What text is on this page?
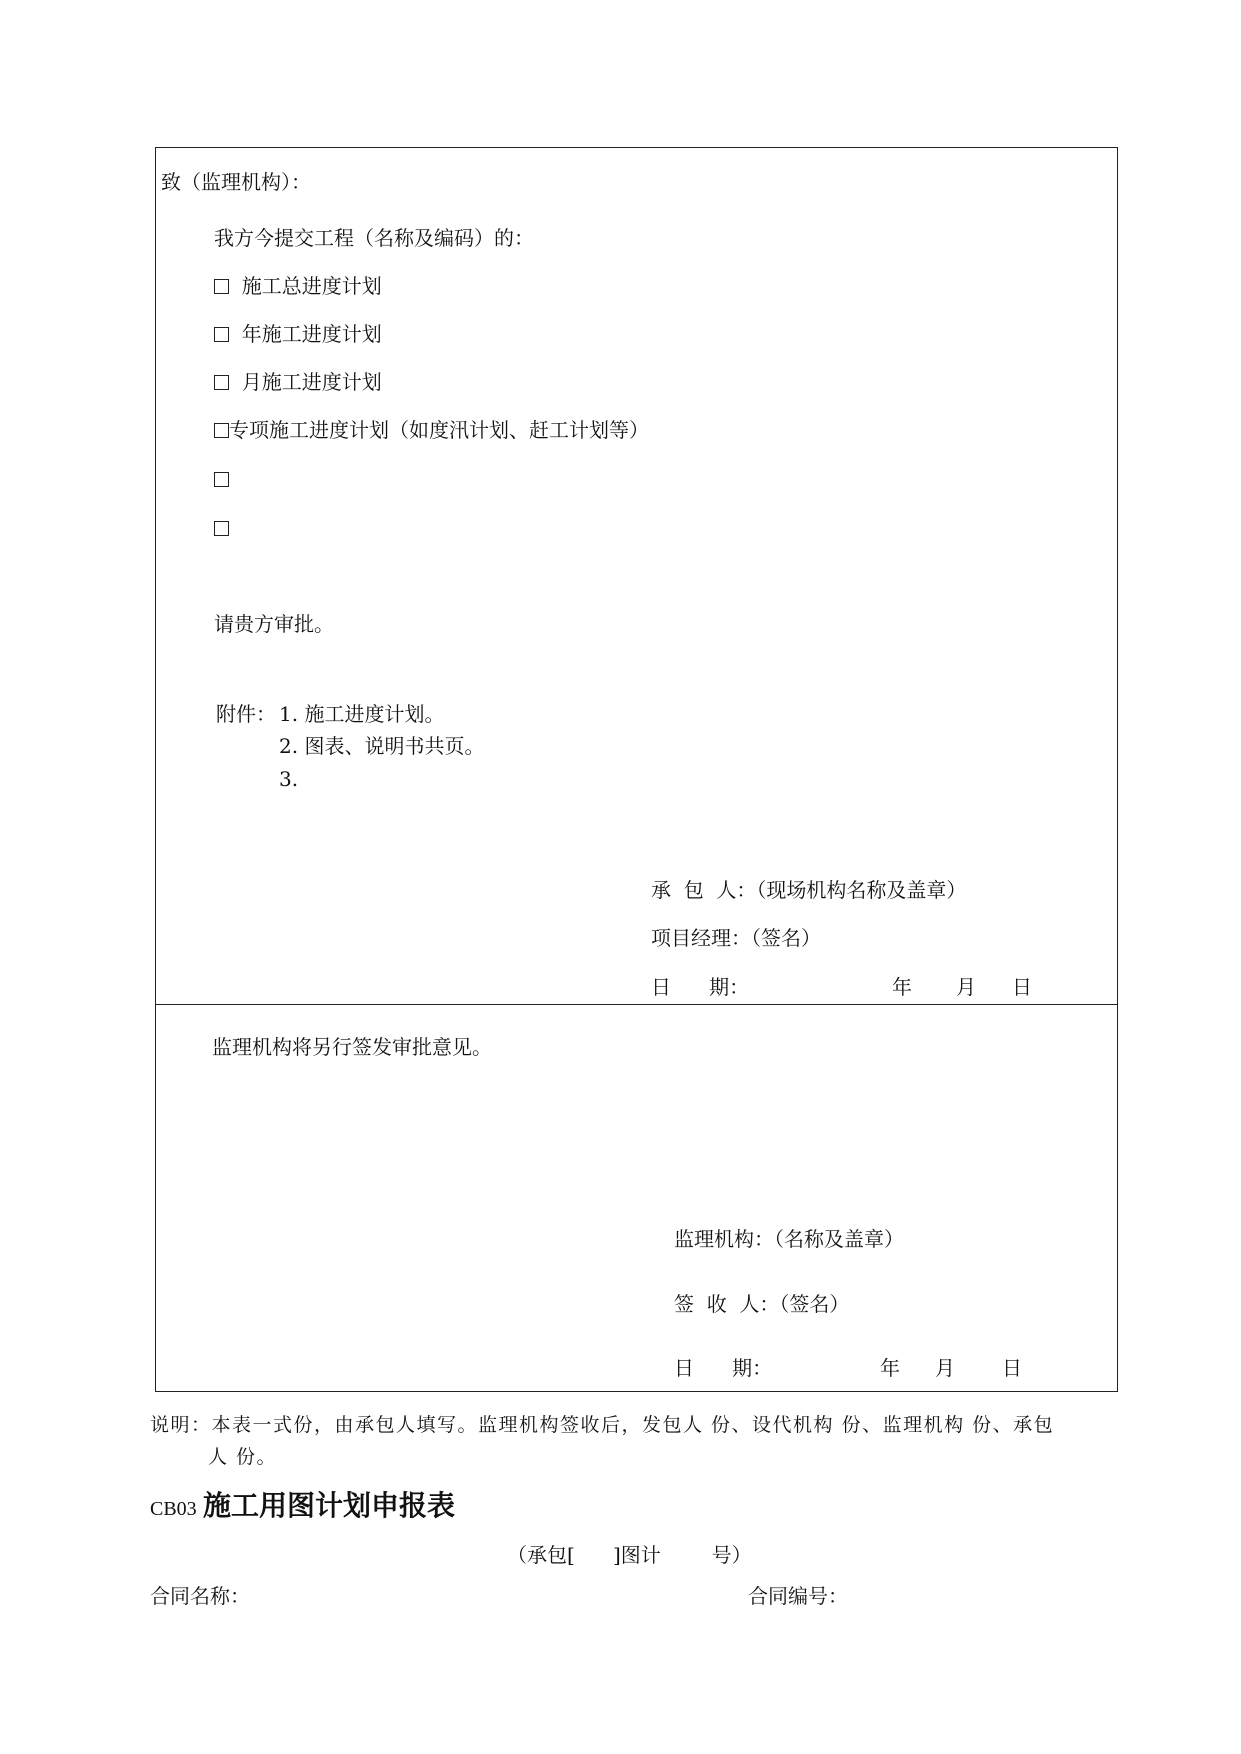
致（监理机构）：
我方今提交工程（名称及编码）的：
施工总进度计划
年施工进度计划
月施工进度计划
专项施工进度计划（如度汛计划、赶工计划等）
请贵方审批。
附件： 1. 施工进度计划。
2. 图表、说明书共页。
3.
承  包  人：（现场机构名称及盖章）
项目经理：（签名）
日      期：	年 月 日
监理机构将另行签发审批意见。
监理机构：（名称及盖章）
签  收  人：（签名）
日      期：	年 月 日
说明：本表一式份，由承包人填写。监理机构签收后，发包人 份、设代机构 份、监理机构 份、承包
人 份。
CB03 施工用图计划申报表
（承包[      ]图计        号）
合同名称：	合同编号：
